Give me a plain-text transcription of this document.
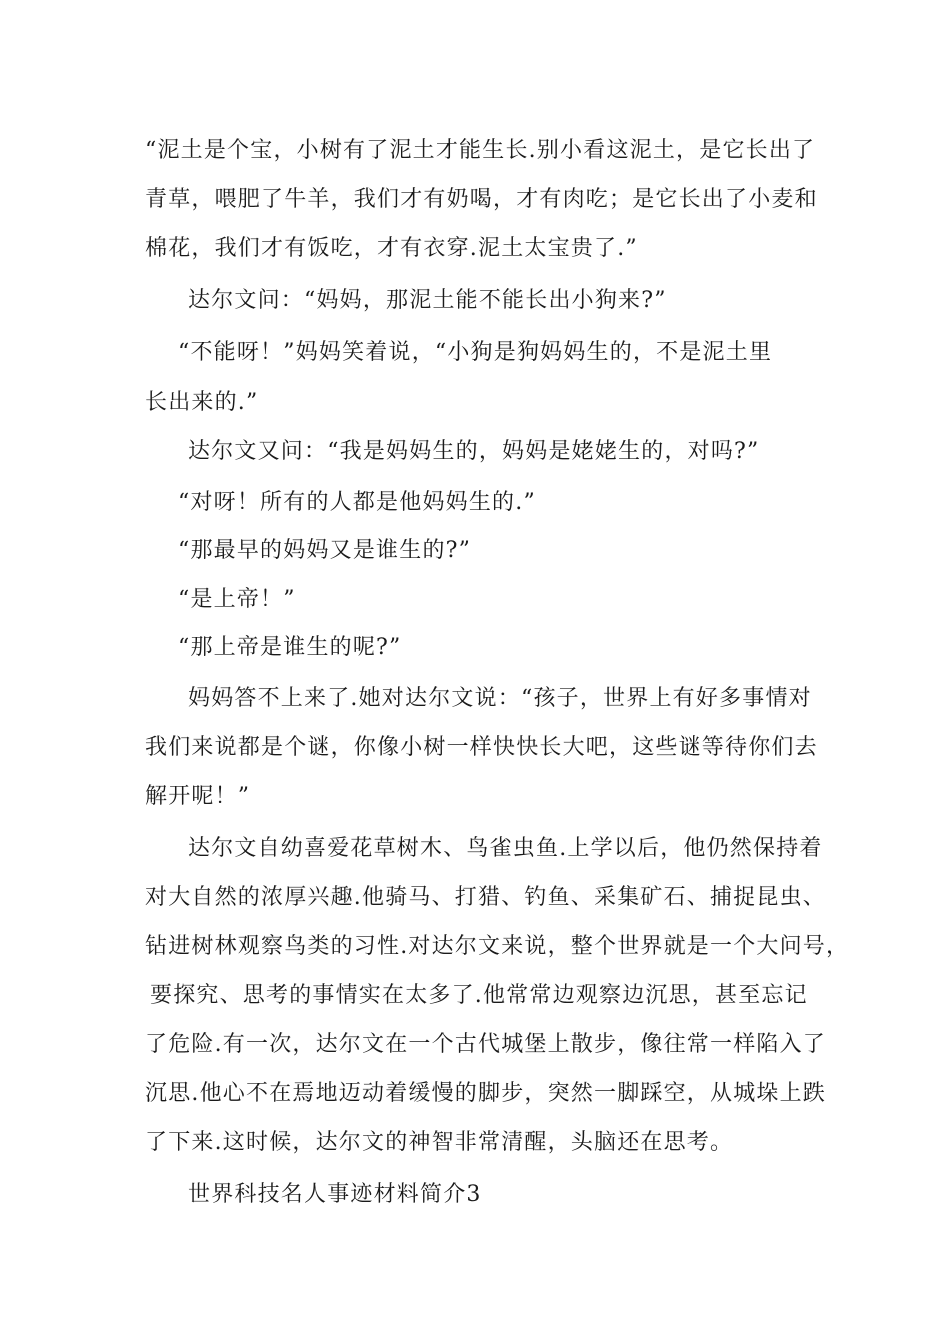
“泥土是个宝，小树有了泥土才能生长.别小看这泥土，是它长出了
青草，喂肥了牛羊，我们才有奶喝，才有肉吃；是它长出了小麦和
棉花，我们才有饭吃，才有衣穿.泥土太宝贵了.”
达尔文问：“妈妈，那泥土能不能长出小狗来?”
“不能呀！”妈妈笑着说，“小狗是狗妈妈生的，不是泥土里
长出来的.”
达尔文又问：“我是妈妈生的，妈妈是姥姥生的，对吗?”
“对呀！所有的人都是他妈妈生的.”
“那最早的妈妈又是谁生的?”
“是上帝！”
“那上帝是谁生的呢?”
妈妈答不上来了.她对达尔文说：“孩子，世界上有好多事情对
我们来说都是个谜，你像小树一样快快长大吧，这些谜等待你们去
解开呢！”
达尔文自幼喜爱花草树木、鸟雀虫鱼.上学以后，他仍然保持着
对大自然的浓厚兴趣.他骑马、打猎、钓鱼、采集矿石、捕捉昆虫、
钻进树林观察鸟类的习性.对达尔文来说，整个世界就是一个大问号，
要探究、思考的事情实在太多了.他常常边观察边沉思，甚至忘记
了危险.有一次，达尔文在一个古代城堡上散步，像往常一样陷入了
沉思.他心不在焉地迈动着缓慢的脚步，突然一脚踩空，从城垛上跌
了下来.这时候，达尔文的神智非常清醒，头脑还在思考。
世界科技名人事迹材料简介3
